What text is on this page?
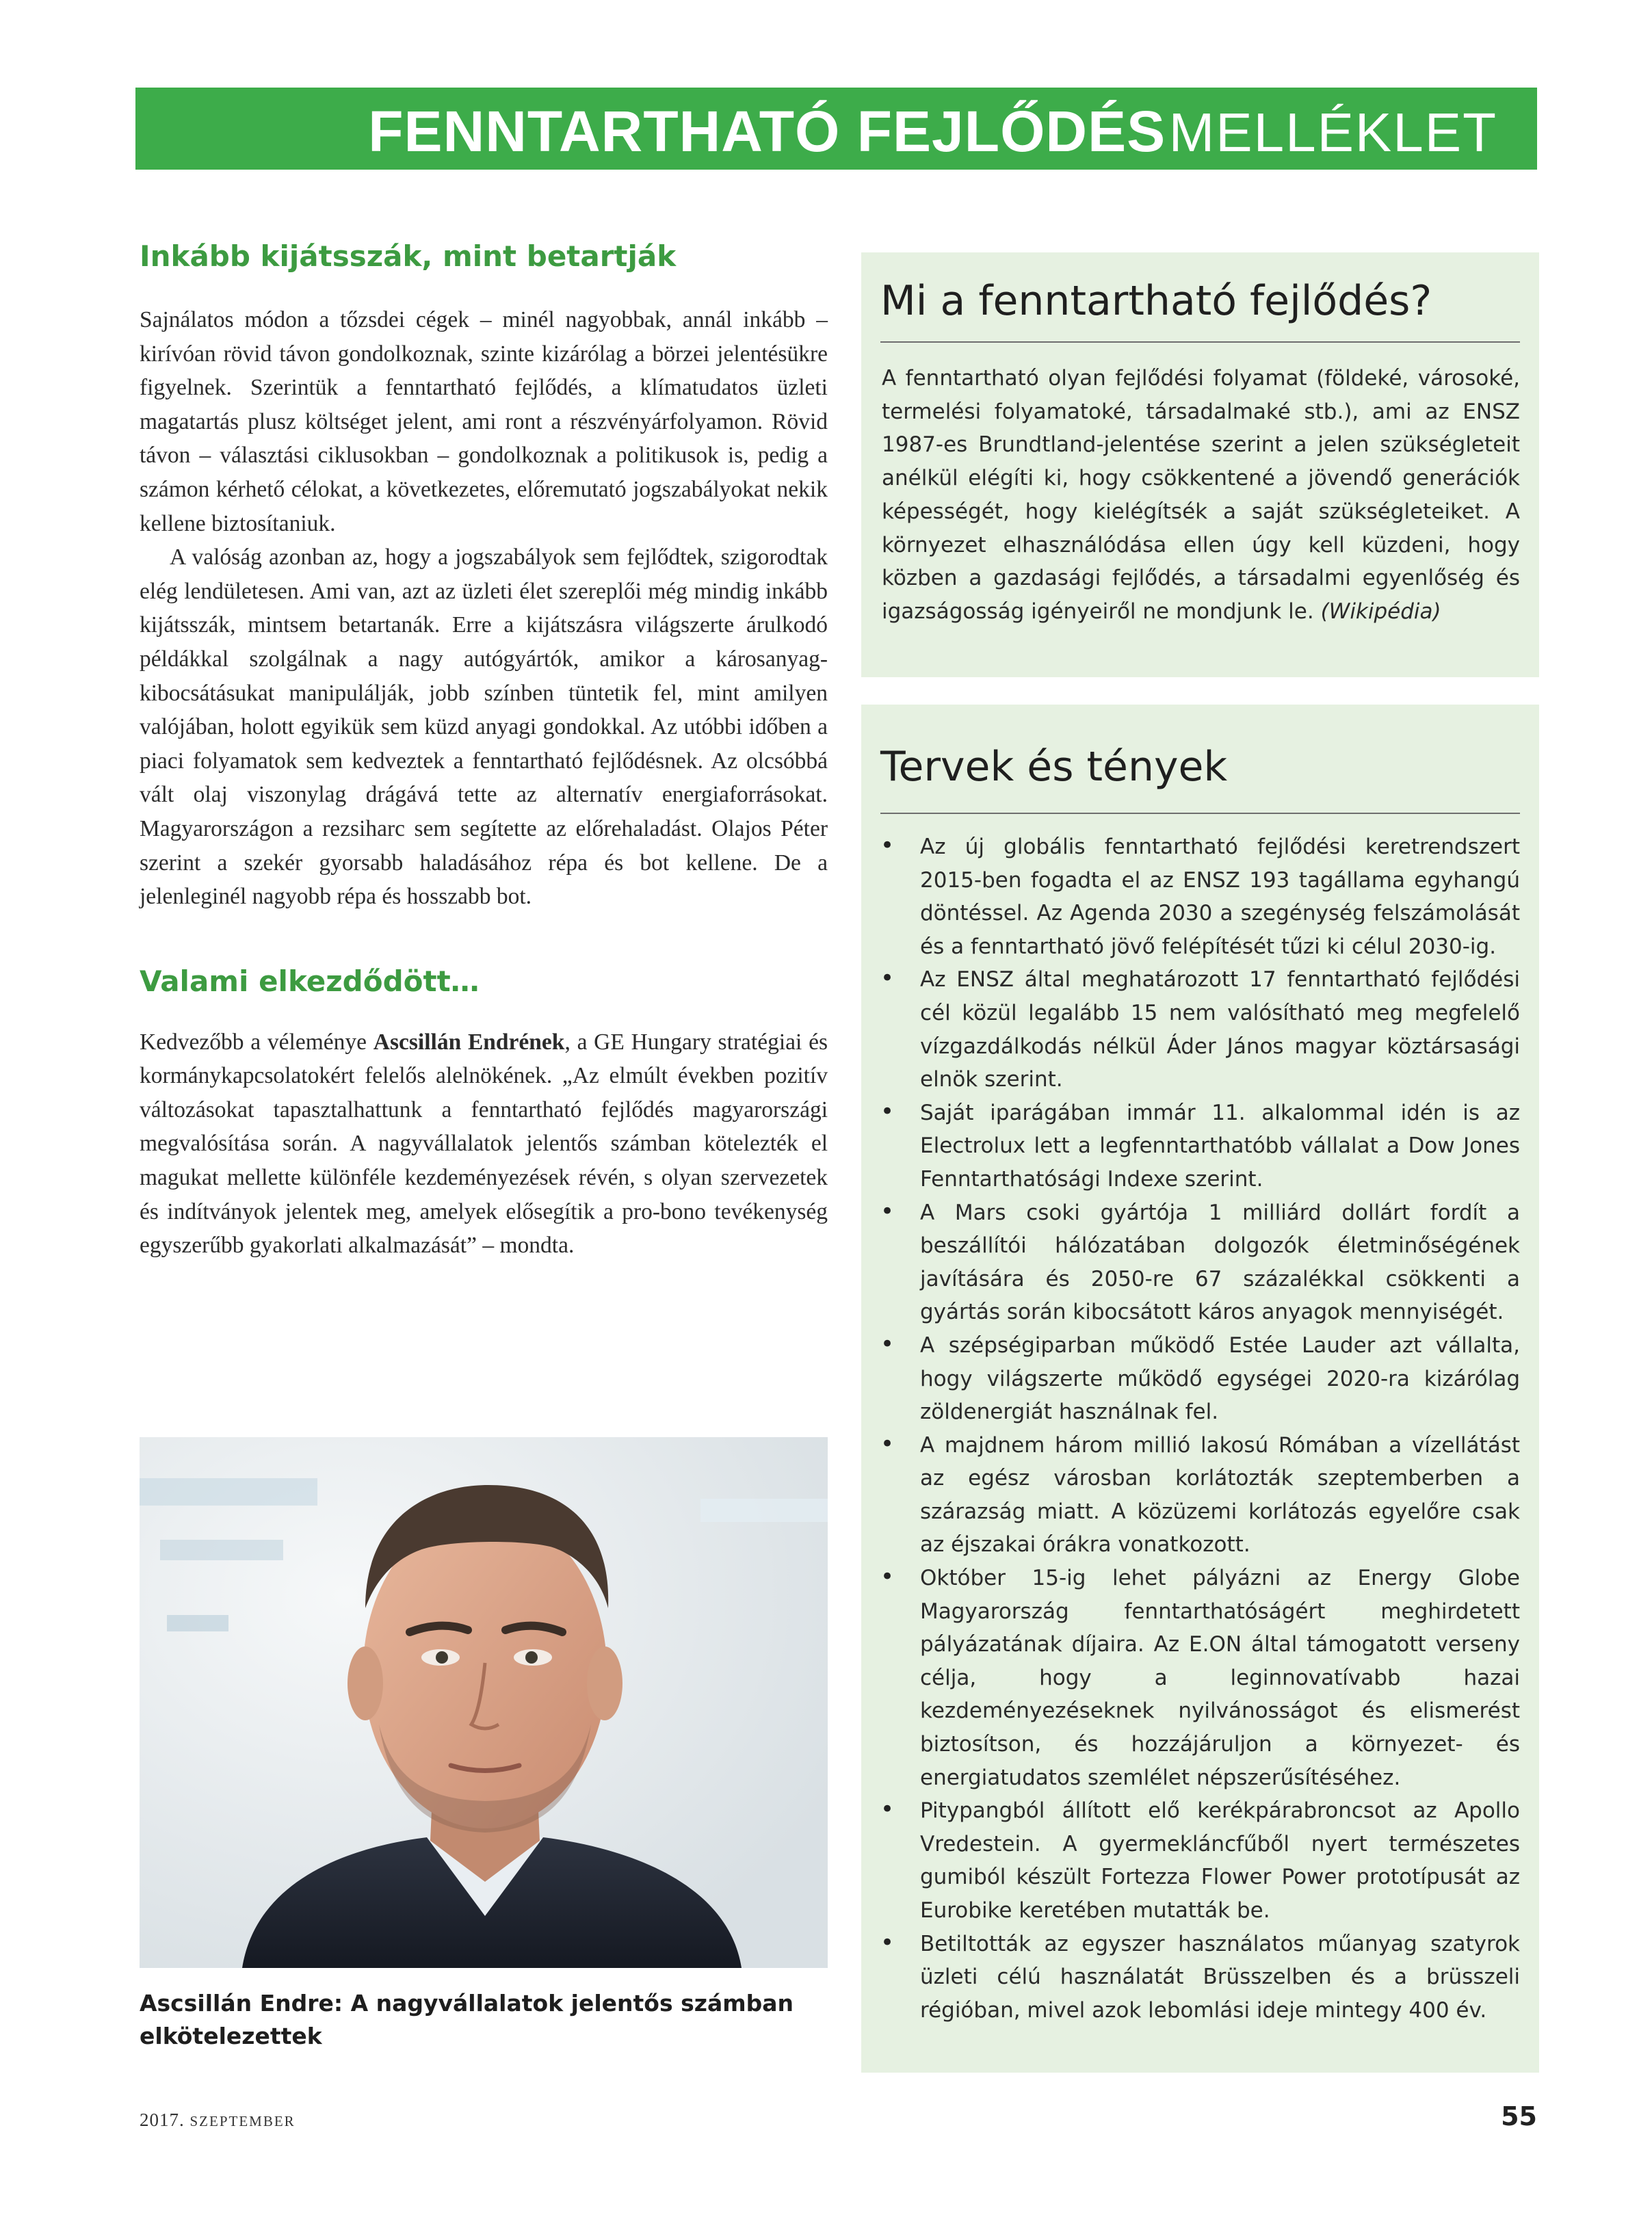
FENNTARTHATÓ FEJLŐDÉS MELLÉKLET
Inkább kijátsszák, mint betartják

Sajnálatos módon a tőzsdei cégek – minél nagyobbak, annál inkább – kirívóan rövid távon gondolkoznak, szinte kizárólag a börzei jelentésükre figyelnek. Szerintük a fenntartható fejlődés, a klímatudatos üzleti magatartás plusz költséget jelent, ami ront a részvényárfolyamon. Rövid távon – választási ciklusokban – gondolkoznak a politikusok is, pedig a számon kérhető célokat, a következetes, előremutató jogszabályokat nekik kellene biztosítaniuk.

A valóság azonban az, hogy a jogszabályok sem fejlődtek, szigorodtak elég lendületesen. Ami van, azt az üzleti élet szereplői még mindig inkább kijátsszák, mintsem betartanák. Erre a kijátszásra világszerte árulkodó példákkal szolgálnak a nagy autógyártók, amikor a károsanyag-kibocsátásukat manipulálják, jobb színben tüntetik fel, mint amilyen valójában, holott egyikük sem küzd anyagi gondokkal. Az utóbbi időben a piaci folyamatok sem kedveztek a fenntartható fejlődésnek. Az olcsóbbá vált olaj viszonylag drágává tette az alternatív energiaforrásokat. Magyarországon a rezsiharc sem segítette az előrehaladást. Olajos Péter szerint a szekér gyorsabb haladásához répa és bot kellene. De a jelenleginél nagyobb répa és hosszabb bot.

Valami elkezdődött…

Kedvezőbb a véleménye Ascsillán Endrének, a GE Hungary stratégiai és kormánykapcsolatokért felelős alelnökének. „Az elmúlt években pozitív változásokat tapasztalhattunk a fenntartható fejlődés magyarországi megvalósítása során. A nagyvállalatok jelentős számban kötelezték el magukat mellette különféle kezdeményezések révén, s olyan szervezetek és indítványok jelentek meg, amelyek elősegítik a pro-bono tevékenység egyszerűbb gyakorlati alkalmazását” – mondta.

Ascsillán Endre: A nagyvállalatok jelentős számban elkötelezettek
Mi a fenntartható fejlődés?

A fenntartható olyan fejlődési folyamat (földeké, városoké, termelési folyamatoké, társadalmaké stb.), ami az ENSZ 1987-es Brundtland-jelentése szerint a jelen szükségleteit anélkül elégíti ki, hogy csökkentené a jövendő generációk képességét, hogy kielégítsék a saját szükségleteiket. A környezet elhasználódása ellen úgy kell küzdeni, hogy közben a gazdasági fejlődés, a társadalmi egyenlőség és igazságosság igényeiről ne mondjunk le. (Wikipédia)

Tervek és tények
• Az új globális fenntartható fejlődési keretrendszert 2015-ben fogadta el az ENSZ 193 tagállama egyhangú döntéssel. Az Agenda 2030 a szegénység felszámolását és a fenntartható jövő felépítését tűzi ki célul 2030-ig.
• Az ENSZ által meghatározott 17 fenntartható fejlődési cél közül legalább 15 nem valósítható meg megfelelő vízgazdálkodás nélkül Áder János magyar köztársasági elnök szerint.
• Saját iparágában immár 11. alkalommal idén is az Electrolux lett a legfenntarthatóbb vállalat a Dow Jones Fenntarthatósági Indexe szerint.
• A Mars csoki gyártója 1 milliárd dollárt fordít a beszállítói hálózatában dolgozók életminőségének javítására és 2050-re 67 százalékkal csökkenti a gyártás során kibocsátott káros anyagok mennyiségét.
• A szépségiparban működő Estée Lauder azt vállalta, hogy világszerte működő egységei 2020-ra kizárólag zöldenergiát használnak fel.
• A majdnem három millió lakosú Rómában a vízellátást az egész városban korlátozták szeptemberben a szárazság miatt. A közüzemi korlátozás egyelőre csak az éjszakai órákra vonatkozott.
• Október 15-ig lehet pályázni az Energy Globe Magyarország fenntarthatóságért meghirdetett pályázatának díjaira. Az E.ON által támogatott verseny célja, hogy a leginnovatívabb hazai kezdeményezéseknek nyilvánosságot és elismerést biztosítson, és hozzájáruljon a környezet- és energiatudatos szemlélet népszerűsítéséhez.
• Pitypangból állított elő kerékpárabroncsot az Apollo Vredestein. A gyermekláncfűből nyert természetes gumiból készült Fortezza Flower Power prototípusát az Eurobike keretében mutatták be.
• Betiltották az egyszer használatos műanyag szatyrok üzleti célú használatát Brüsszelben és a brüsszeli régióban, mivel azok lebomlási ideje mintegy 400 év.
2017. SZEPTEMBER	55
